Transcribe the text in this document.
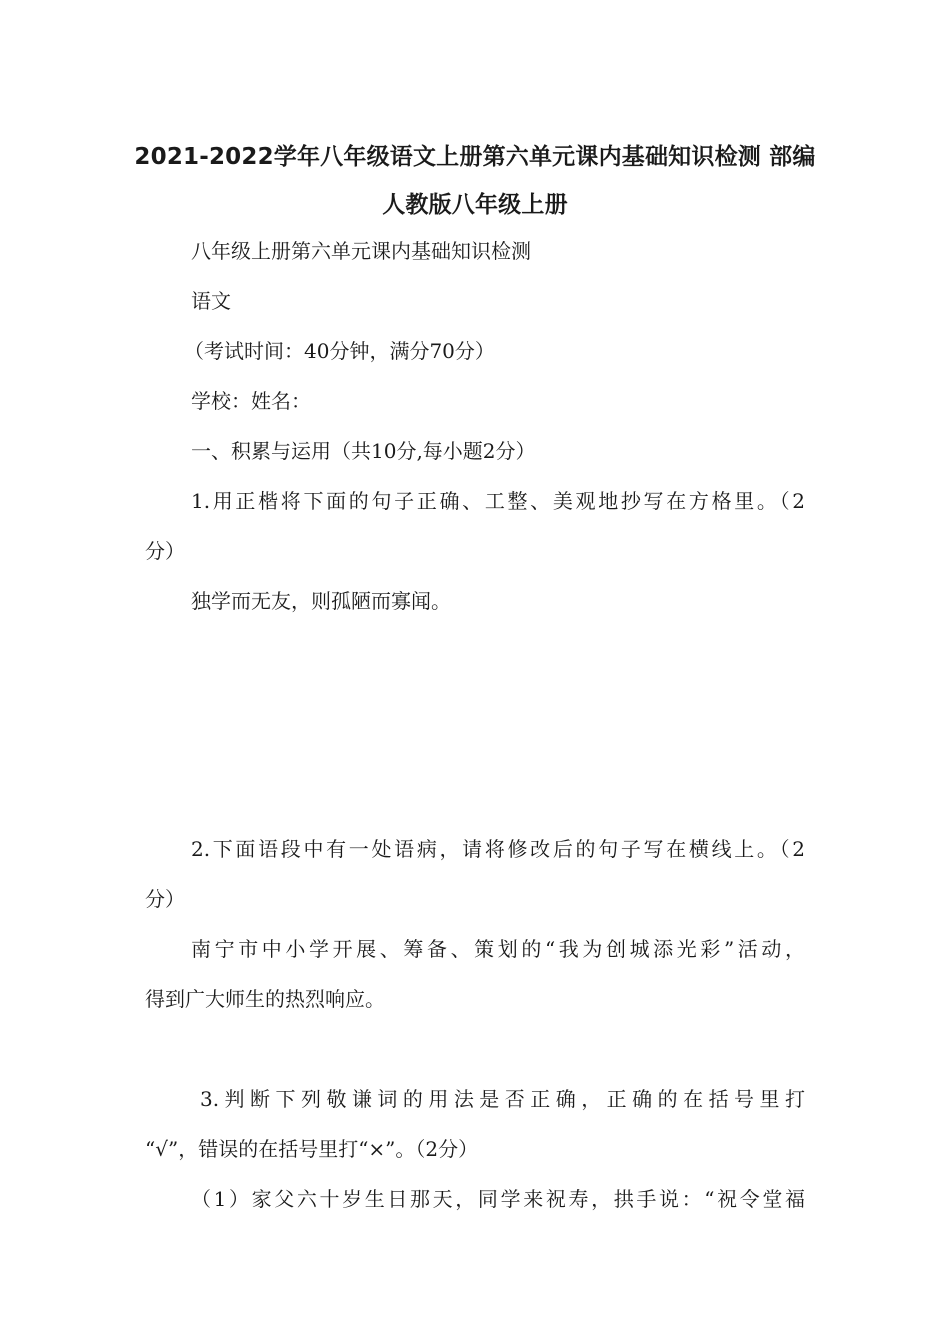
2021-2022学年八年级语文上册第六单元课内基础知识检测 部编
人教版八年级上册
八年级上册第六单元课内基础知识检测
语文
（考试时间：40分钟，满分70分）
学校：姓名：
一、积累与运用（共10分,每小题2分）
1.用正楷将下面的句子正确、工整、美观地抄写在方格里。（2
分）
独学而无友，则孤陋而寡闻。
2.下面语段中有一处语病，请将修改后的句子写在横线上。（2
分）
南宁市中小学开展、筹备、策划的“我为创城添光彩”活动，
得到广大师生的热烈响应。
3.判断下列敬谦词的用法是否正确，正确的在括号里打
“√”，错误的在括号里打“×”。（2分）
（1）家父六十岁生日那天，同学来祝寿，拱手说：“祝令堂福
